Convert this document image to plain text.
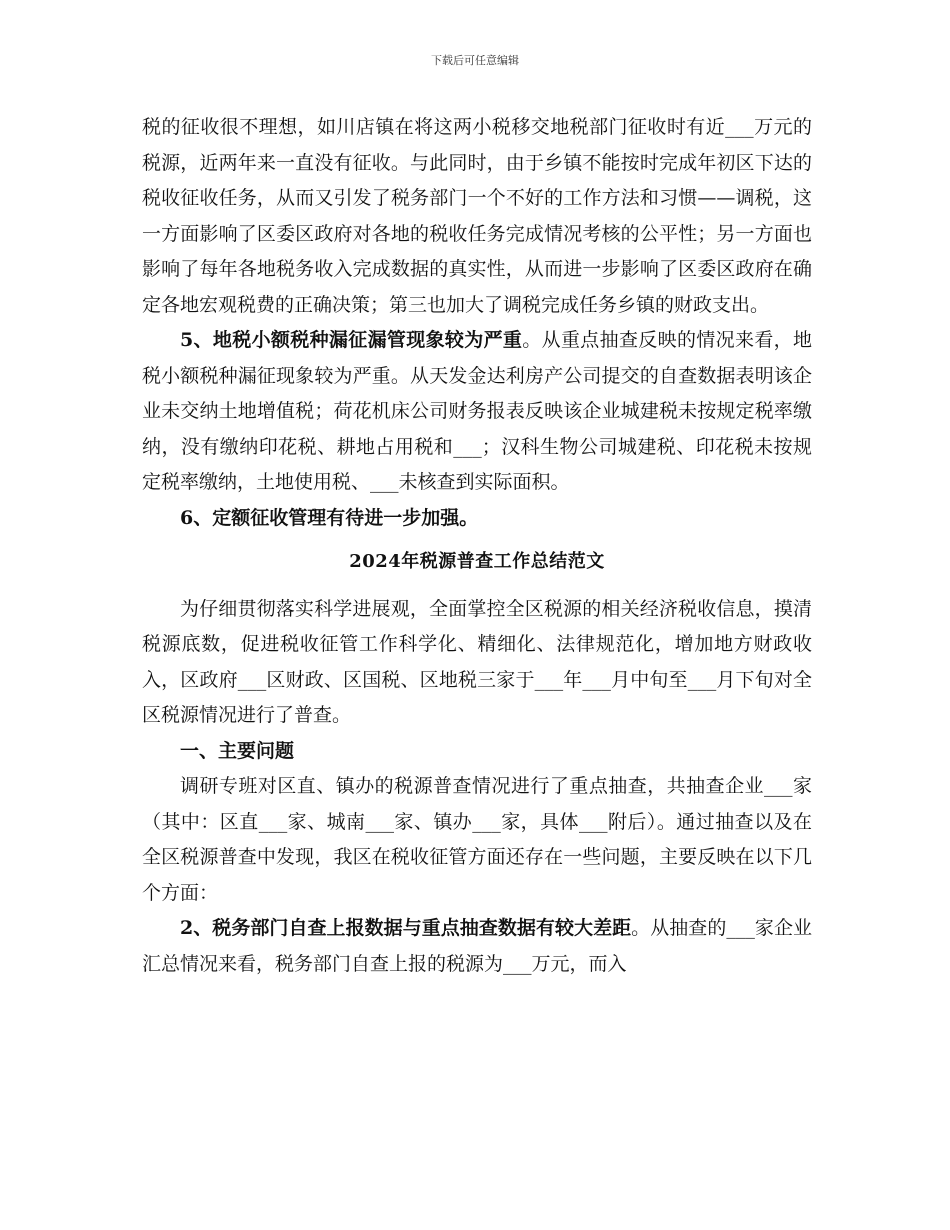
下载后可任意编辑

税的征收很不理想，如川店镇在将这两小税移交地税部门征收时有近___万元的税源，近两年来一直没有征收。与此同时，由于乡镇不能按时完成年初区下达的税收征收任务，从而又引发了税务部门一个不好的工作方法和习惯——调税，这一方面影响了区委区政府对各地的税收任务完成情况考核的公平性；另一方面也影响了每年各地税务收入完成数据的真实性，从而进一步影响了区委区政府在确定各地宏观税费的正确决策；第三也加大了调税完成任务乡镇的财政支出。

5、地税小额税种漏征漏管现象较为严重。从重点抽查反映的情况来看，地税小额税种漏征现象较为严重。从天发金达利房产公司提交的自查数据表明该企业未交纳土地增值税；荷花机床公司财务报表反映该企业城建税未按规定税率缴纳，没有缴纳印花税、耕地占用税和___；汉科生物公司城建税、印花税未按规定税率缴纳，土地使用税、___未核查到实际面积。

6、定额征收管理有待进一步加强。

2024年税源普查工作总结范文

为仔细贯彻落实科学进展观，全面掌控全区税源的相关经济税收信息，摸清税源底数，促进税收征管工作科学化、精细化、法律规范化，增加地方财政收入，区政府___区财政、区国税、区地税三家于___年___月中旬至___月下旬对全区税源情况进行了普查。

一、主要问题

调研专班对区直、镇办的税源普查情况进行了重点抽查，共抽查企业___家（其中：区直___家、城南___家、镇办___家，具体___附后）。通过抽查以及在全区税源普查中发现，我区在税收征管方面还存在一些问题，主要反映在以下几个方面：

2、税务部门自查上报数据与重点抽查数据有较大差距。从抽查的___家企业汇总情况来看，税务部门自查上报的税源为___万元，而入
